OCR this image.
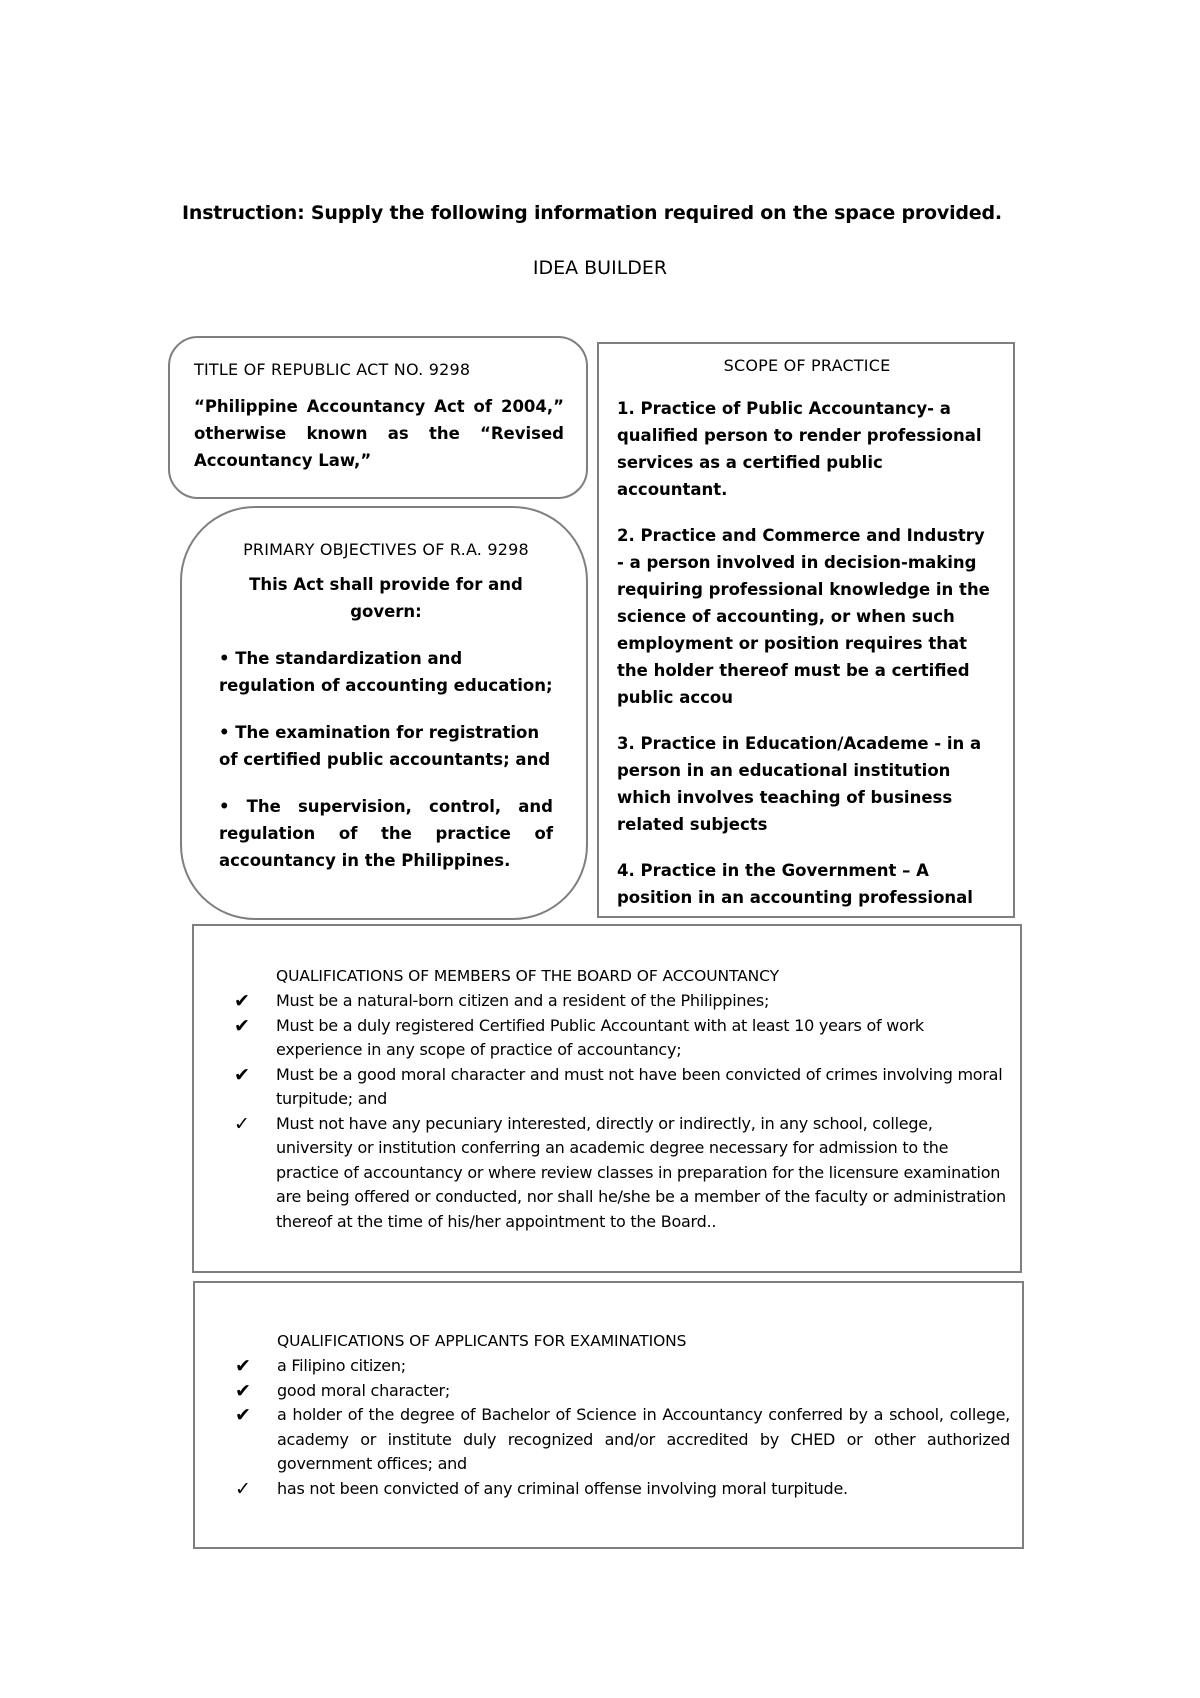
Instruction: Supply the following information required on the space provided.
IDEA BUILDER
TITLE OF REPUBLIC ACT NO. 9298
“Philippine Accountancy Act of 2004,” otherwise known as the “Revised Accountancy Law,”
PRIMARY OBJECTIVES OF R.A. 9298
This Act shall provide for and govern:
• The standardization and regulation of accounting education;
• The examination for registration of certified public accountants; and
• The supervision, control, and regulation of the practice of accountancy in the Philippines.
SCOPE OF PRACTICE
1. Practice of Public Accountancy- a qualified person to render professional services as a certified public accountant.
2. Practice and Commerce and Industry - a person involved in decision-making requiring professional knowledge in the science of accounting, or when such employment or position requires that the holder thereof must be a certified public accou
3. Practice in Education/Academe - in a person in an educational institution which involves teaching of business related subjects
4. Practice in the Government – A position in an accounting professional
QUALIFICATIONS OF MEMBERS OF THE BOARD OF ACCOUNTANCY
✔ Must be a natural-born citizen and a resident of the Philippines;
✔ Must be a duly registered Certified Public Accountant with at least 10 years of work experience in any scope of practice of accountancy;
✔ Must be a good moral character and must not have been convicted of crimes involving moral turpitude; and
✓ Must not have any pecuniary interested, directly or indirectly, in any school, college, university or institution conferring an academic degree necessary for admission to the practice of accountancy or where review classes in preparation for the licensure examination are being offered or conducted, nor shall he/she be a member of the faculty or administration thereof at the time of his/her appointment to the Board..
QUALIFICATIONS OF APPLICANTS FOR EXAMINATIONS
✔ a Filipino citizen;
✔ good moral character;
✔ a holder of the degree of Bachelor of Science in Accountancy conferred by a school, college, academy or institute duly recognized and/or accredited by CHED or other authorized government offices; and
✓ has not been convicted of any criminal offense involving moral turpitude.
